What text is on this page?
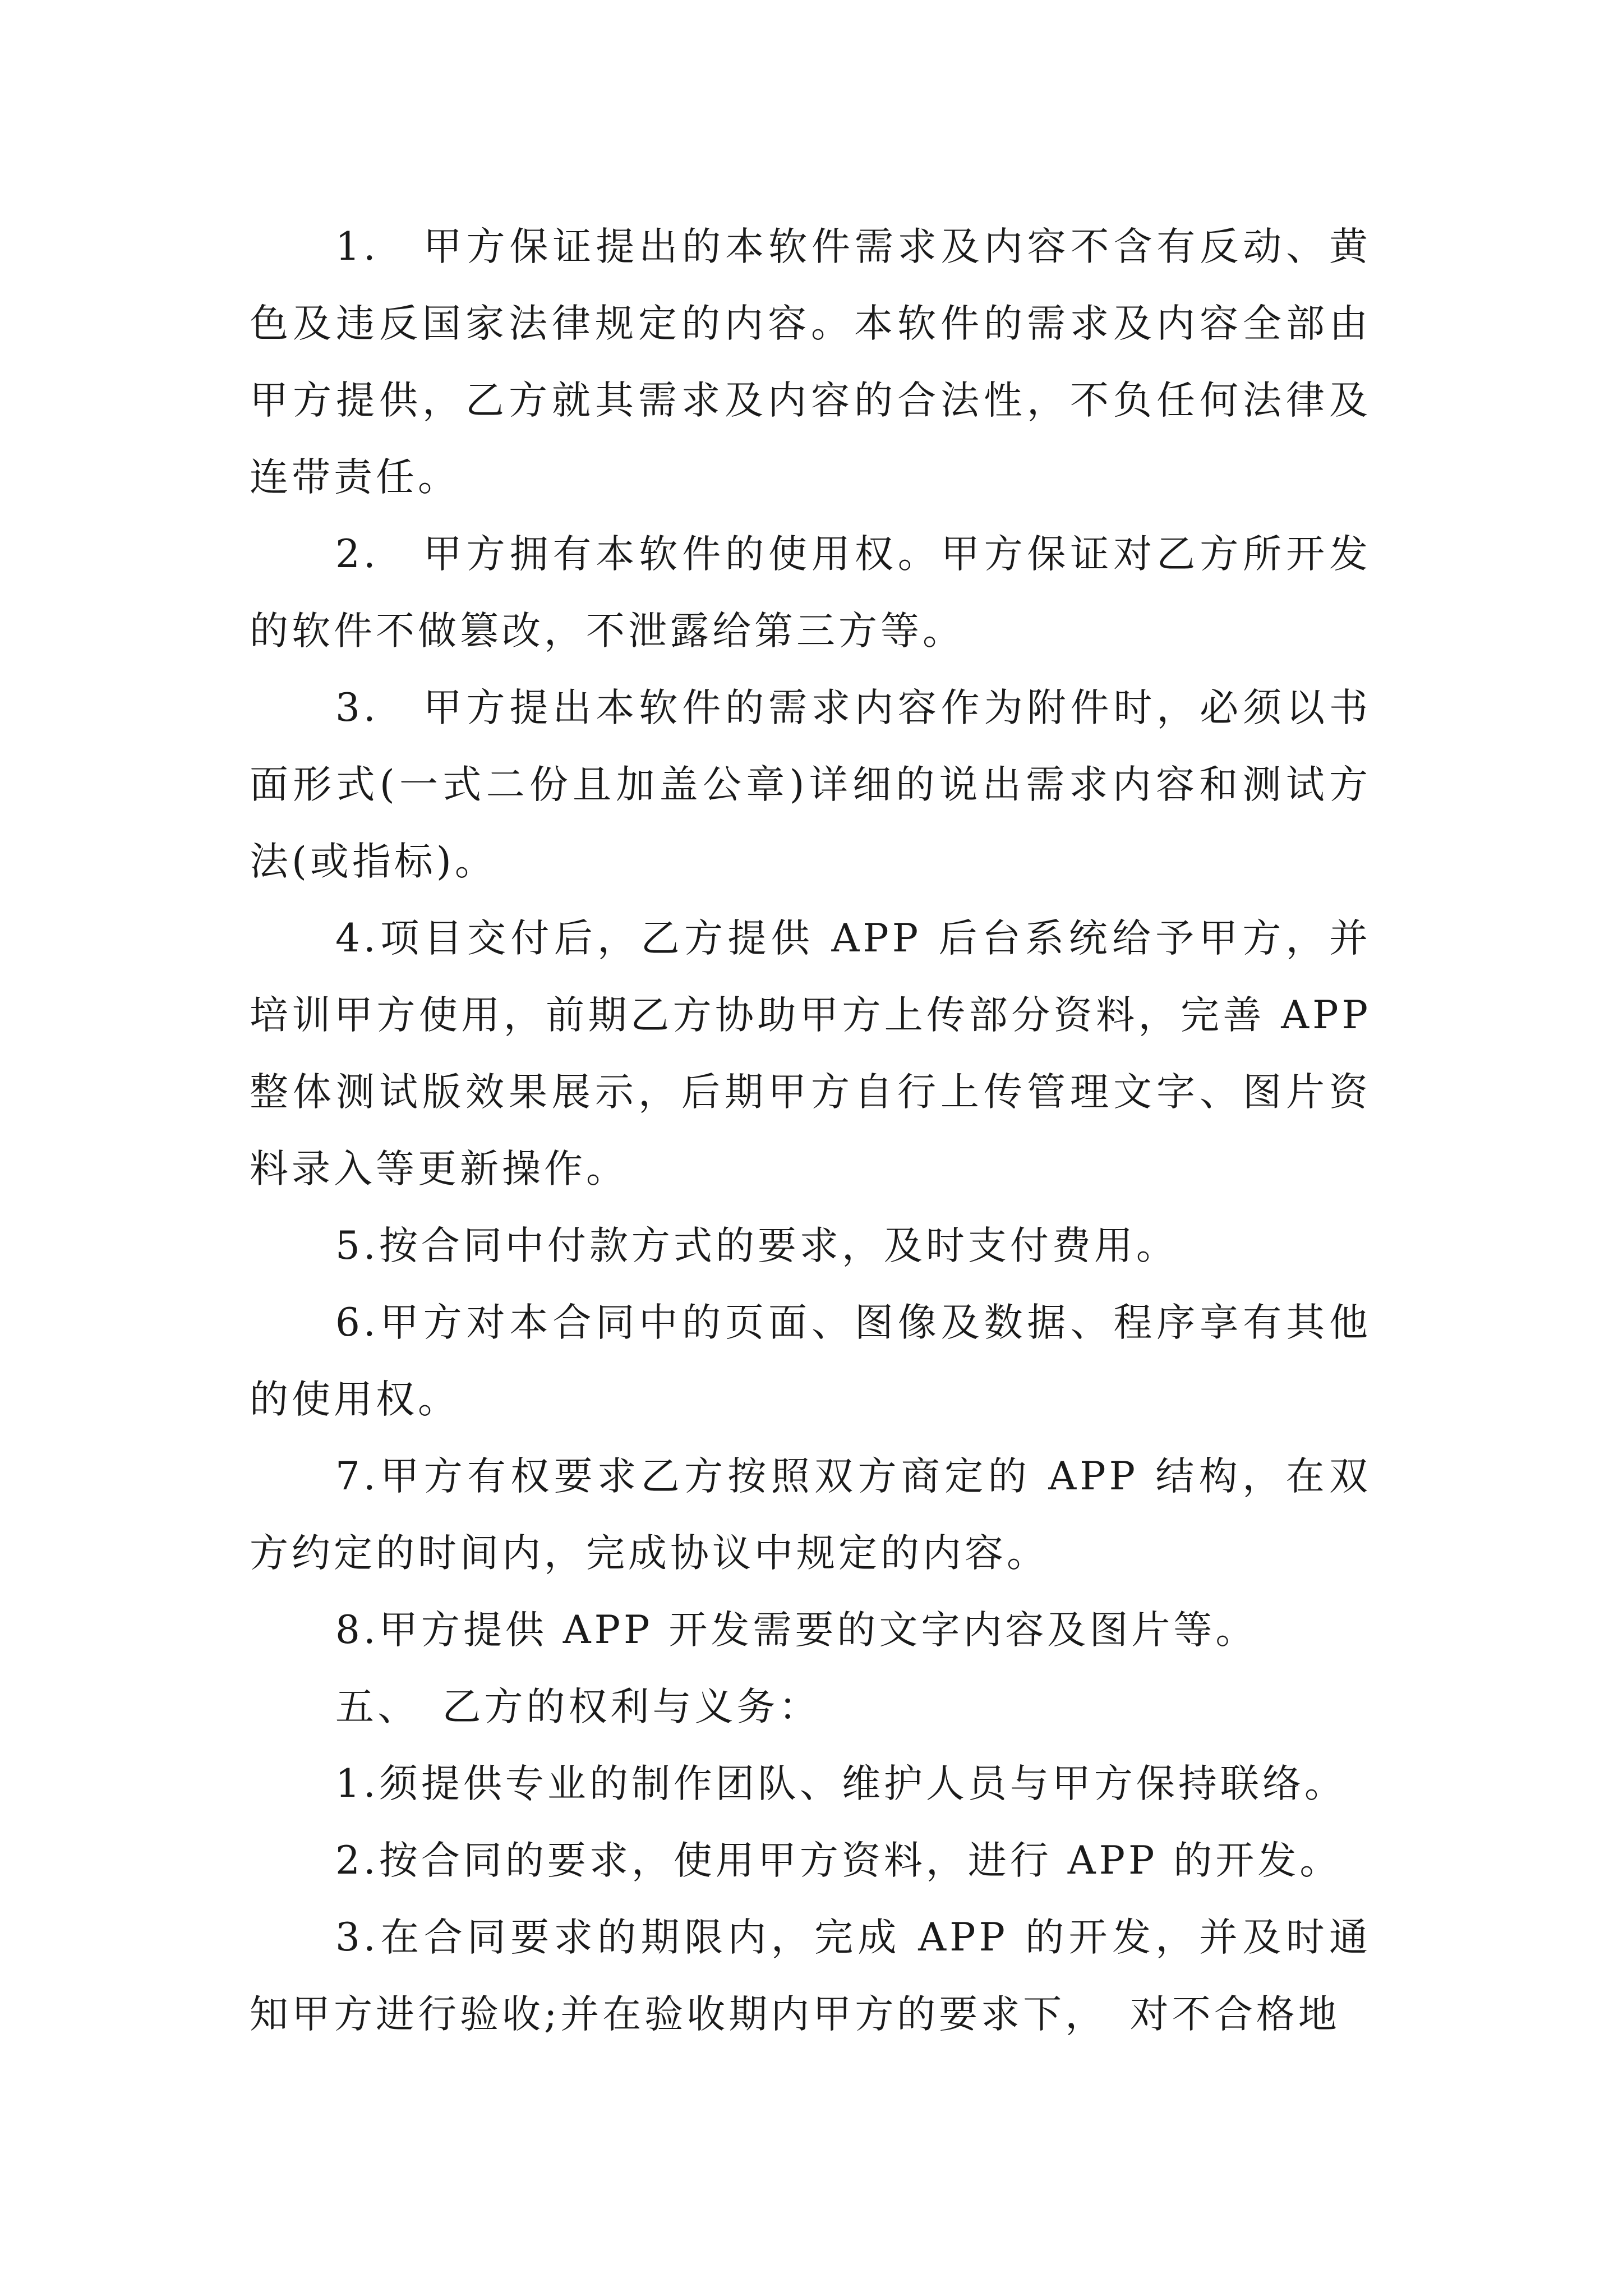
1.　甲方保证提出的本软件需求及内容不含有反动、黄色及违反国家法律规定的内容。本软件的需求及内容全部由甲方提供，乙方就其需求及内容的合法性，不负任何法律及连带责任。

2.　甲方拥有本软件的使用权。甲方保证对乙方所开发的软件不做篡改，不泄露给第三方等。

3.　甲方提出本软件的需求内容作为附件时，必须以书面形式(一式二份且加盖公章)详细的说出需求内容和测试方法(或指标)。

4.项目交付后，乙方提供 APP 后台系统给予甲方，并培训甲方使用，前期乙方协助甲方上传部分资料，完善 APP 整体测试版效果展示，后期甲方自行上传管理文字、图片资料录入等更新操作。

5.按合同中付款方式的要求，及时支付费用。

6.甲方对本合同中的页面、图像及数据、程序享有其他的使用权。

7.甲方有权要求乙方按照双方商定的 APP 结构，在双方约定的时间内，完成协议中规定的内容。

8.甲方提供 APP 开发需要的文字内容及图片等。

五、　乙方的权利与义务：

1.须提供专业的制作团队、维护人员与甲方保持联络。

2.按合同的要求，使用甲方资料，进行 APP 的开发。

3.在合同要求的期限内，完成 APP 的开发，并及时通知甲方进行验收;并在验收期内甲方的要求下，　对不合格地
